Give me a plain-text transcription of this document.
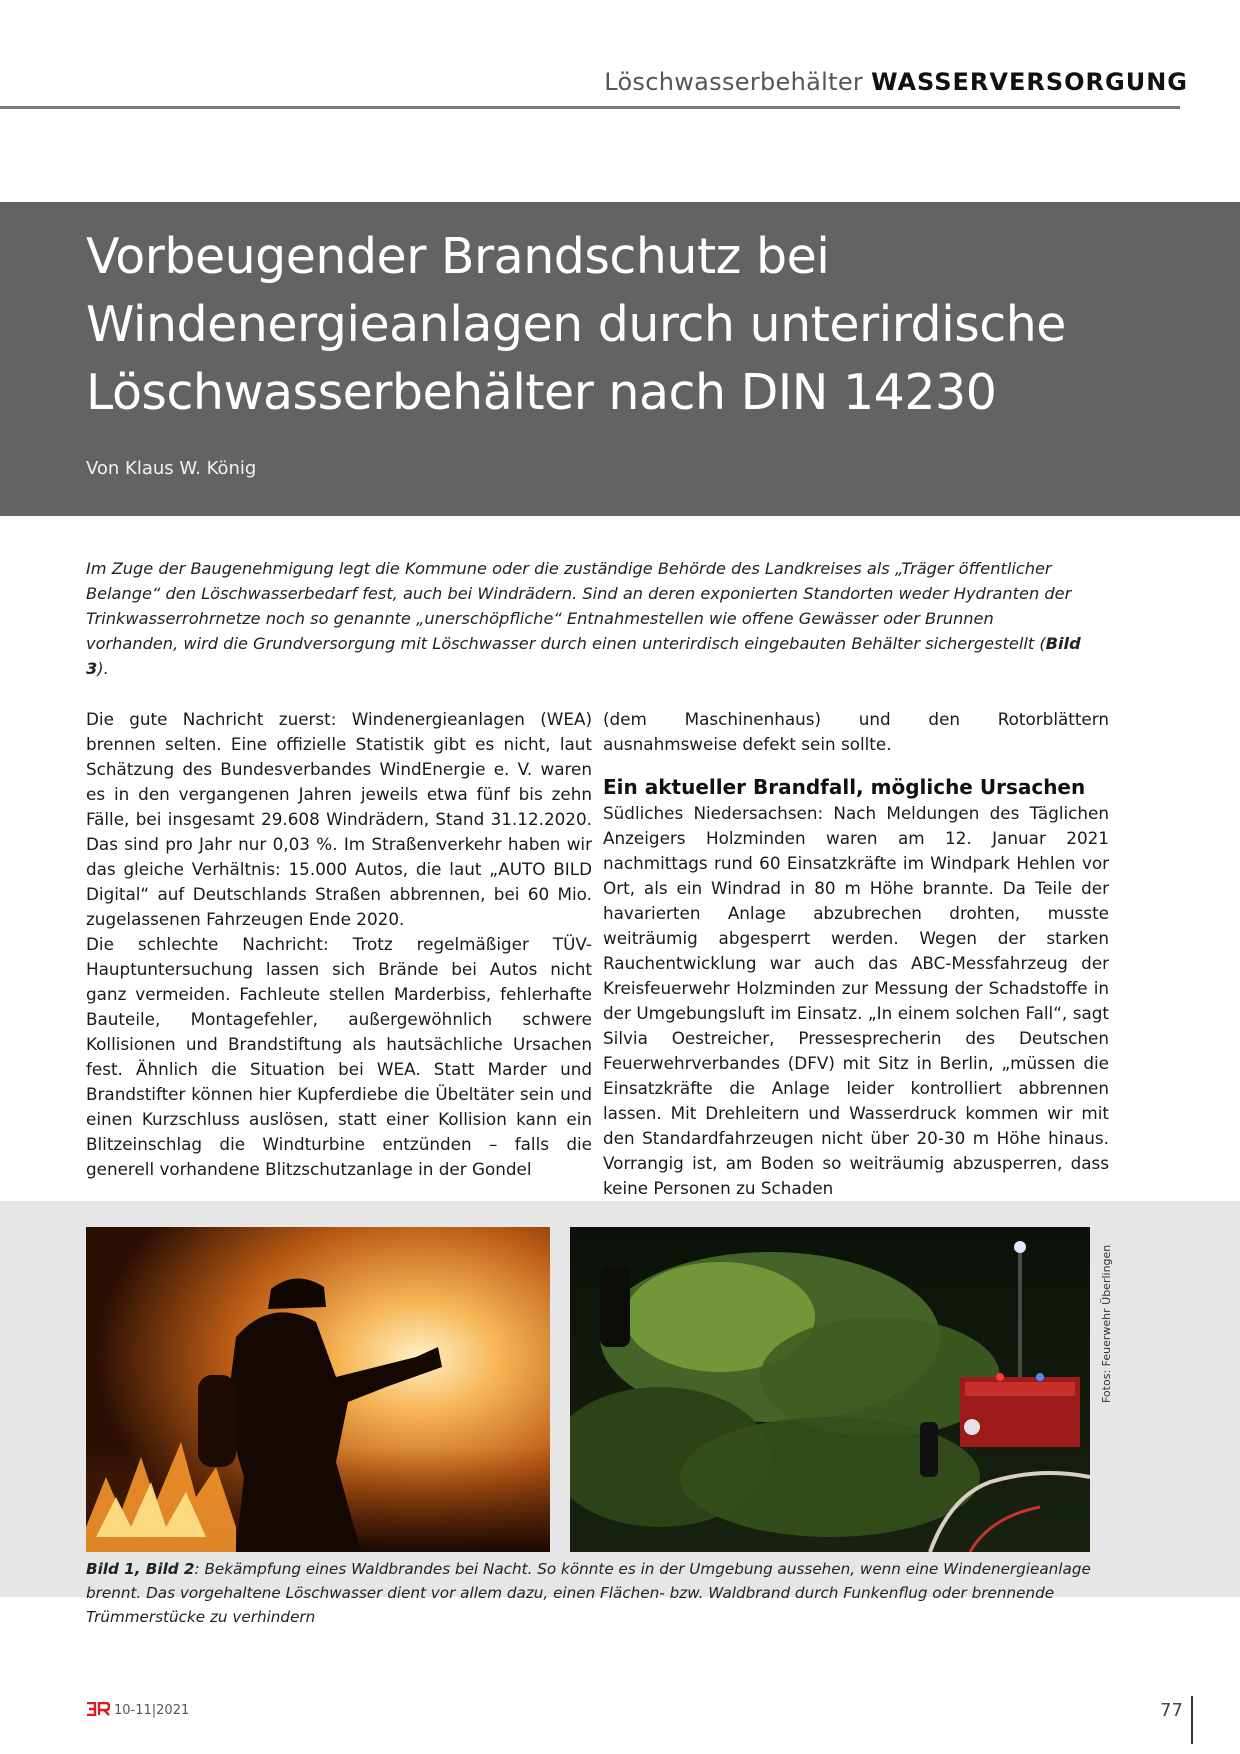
Löschwasserbehälter WASSERVERSORGUNG
Vorbeugender Brandschutz bei Windenergieanlagen durch unterirdische Löschwasserbehälter nach DIN 14230
Von Klaus W. König

Im Zuge der Baugenehmigung legt die Kommune oder die zuständige Behörde des Landkreises als „Träger öffentlicher Belange“ den Löschwasserbedarf fest, auch bei Windrädern. Sind an deren exponierten Standorten weder Hydranten der Trinkwasserrohrnetze noch so genannte „unerschöpfliche“ Entnahmestellen wie offene Gewässer oder Brunnen vorhanden, wird die Grundversorgung mit Löschwasser durch einen unterirdisch eingebauten Behälter sichergestellt (Bild 3).

Die gute Nachricht zuerst: Windenergieanlagen (WEA) brennen selten. Eine offizielle Statistik gibt es nicht, laut Schätzung des Bundesverbandes WindEnergie e. V. waren es in den vergangenen Jahren jeweils etwa fünf bis zehn Fälle, bei insgesamt 29.608 Windrädern, Stand 31.12.2020. Das sind pro Jahr nur 0,03 %. Im Straßenverkehr haben wir das gleiche Verhältnis: 15.000 Autos, die laut „AUTO BILD Digital“ auf Deutschlands Straßen abbrennen, bei 60 Mio. zugelassenen Fahrzeugen Ende 2020.

Die schlechte Nachricht: Trotz regelmäßiger TÜV-Hauptuntersuchung lassen sich Brände bei Autos nicht ganz vermeiden. Fachleute stellen Marderbiss, fehlerhafte Bauteile, Montagefehler, außergewöhnlich schwere Kollisionen und Brandstiftung als hautsächliche Ursachen fest. Ähnlich die Situation bei WEA. Statt Marder und Brandstifter können hier Kupferdiebe die Übeltäter sein und einen Kurzschluss auslösen, statt einer Kollision kann ein Blitzeinschlag die Windturbine entzünden – falls die generell vorhandene Blitzschutzanlage in der Gondel

(dem Maschinenhaus) und den Rotorblättern ausnahmsweise defekt sein sollte.

Ein aktueller Brandfall, mögliche Ursachen

Südliches Niedersachsen: Nach Meldungen des Täglichen Anzeigers Holzminden waren am 12. Januar 2021 nachmittags rund 60 Einsatzkräfte im Windpark Hehlen vor Ort, als ein Windrad in 80 m Höhe brannte. Da Teile der havarierten Anlage abzubrechen drohten, musste weiträumig abgesperrt werden. Wegen der starken Rauchentwicklung war auch das ABC-Messfahrzeug der Kreisfeuerwehr Holzminden zur Messung der Schadstoffe in der Umgebungsluft im Einsatz. „In einem solchen Fall“, sagt Silvia Oestreicher, Pressesprecherin des Deutschen Feuerwehrverbandes (DFV) mit Sitz in Berlin, „müssen die Einsatzkräfte die Anlage leider kontrolliert abbrennen lassen. Mit Drehleitern und Wasserdruck kommen wir mit den Standardfahrzeugen nicht über 20-30 m Höhe hinaus. Vorrangig ist, am Boden so weiträumig abzusperren, dass keine Personen zu Schaden

Fotos: Feuerwehr Überlingen

Bild 1, Bild 2: Bekämpfung eines Waldbrandes bei Nacht. So könnte es in der Umgebung aussehen, wenn eine Windenergieanlage brennt. Das vorgehaltene Löschwasser dient vor allem dazu, einen Flächen- bzw. Waldbrand durch Funkenflug oder brennende Trümmerstücke zu verhindern

10-11|2021	77
